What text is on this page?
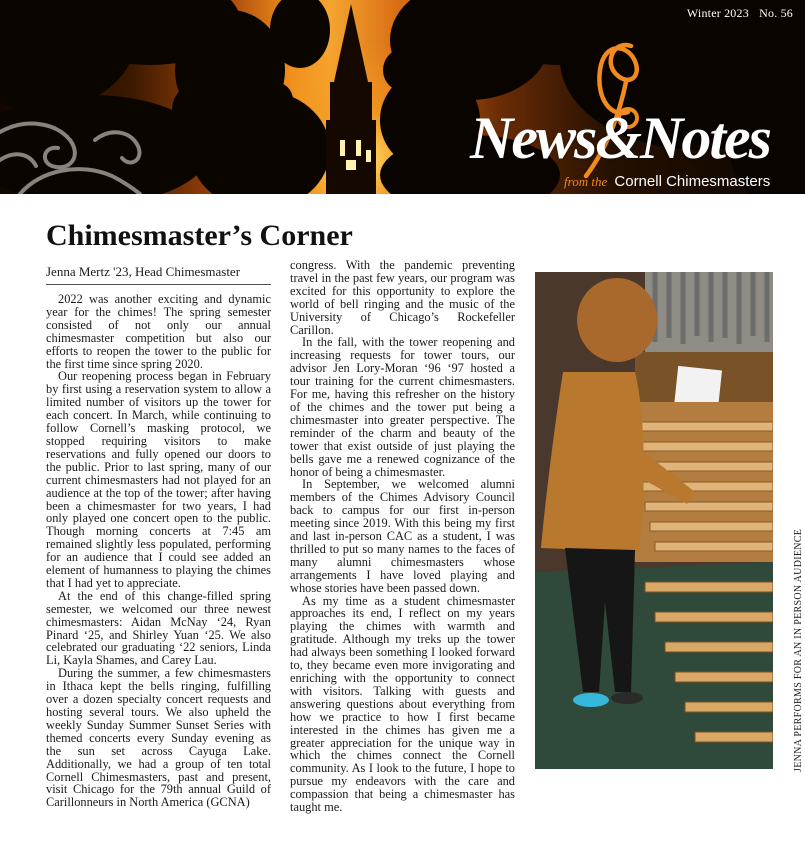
Winter 2023 No. 56
News&Notes
from the Cornell Chimesmasters
Chimesmaster’s Corner
Jenna Mertz '23, Head Chimesmaster

2022 was another exciting and dynamic year for the chimes! The spring semester consisted of not only our annual chimesmaster competition but also our efforts to reopen the tower to the public for the first time since spring 2020.

Our reopening process began in February by first using a reservation system to allow a limited number of visitors up the tower for each concert. In March, while continuing to follow Cornell’s masking protocol, we stopped requiring visitors to make reservations and fully opened our doors to the public. Prior to last spring, many of our current chimesmasters had not played for an audience at the top of the tower; after having been a chimesmaster for two years, I had only played one concert open to the public. Though morning concerts at 7:45 am remained slightly less populated, performing for an audience that I could see added an element of humanness to playing the chimes that I had yet to appreciate.

At the end of this change-filled spring semester, we welcomed our three newest chimesmasters: Aidan McNay ‘24, Ryan Pinard ‘25, and Shirley Yuan ‘25. We also celebrated our graduating ‘22 seniors, Linda Li, Kayla Shames, and Carey Lau.

During the summer, a few chimesmasters in Ithaca kept the bells ringing, fulfilling over a dozen specialty concert requests and hosting several tours. We also upheld the weekly Sunday Summer Sunset Series with themed concerts every Sunday evening as the sun set across Cayuga Lake. Additionally, we had a group of ten total Cornell Chimesmasters, past and present, visit Chicago for the 79th annual Guild of Carillonneurs in North America (GCNA)

congress. With the pandemic preventing travel in the past few years, our program was excited for this opportunity to explore the world of bell ringing and the music of the University of Chicago’s Rockefeller Carillon.

In the fall, with the tower reopening and increasing requests for tower tours, our advisor Jen Lory-Moran ‘96 ‘97 hosted a tour training for the current chimesmasters. For me, having this refresher on the history of the chimes and the tower put being a chimesmaster into greater perspective. The reminder of the charm and beauty of the tower that exist outside of just playing the bells gave me a renewed cognizance of the honor of being a chimesmaster.

In September, we welcomed alumni members of the Chimes Advisory Council back to campus for our first in-person meeting since 2019. With this being my first and last in-person CAC as a student, I was thrilled to put so many names to the faces of many alumni chimesmasters whose arrangements I have loved playing and whose stories have been passed down.

As my time as a student chimesmaster approaches its end, I reflect on my years playing the chimes with warmth and gratitude. Although my treks up the tower had always been something I looked forward to, they became even more invigorating and enriching with the opportunity to connect with visitors. Talking with guests and answering questions about everything from how we practice to how I first became interested in the chimes has given me a greater appreciation for the unique way in which the chimes connect the Cornell community. As I look to the future, I hope to pursue my endeavors with the care and compassion that being a chimesmaster has taught me.

JENNA PERFORMS FOR AN IN PERSON AUDIENCE
